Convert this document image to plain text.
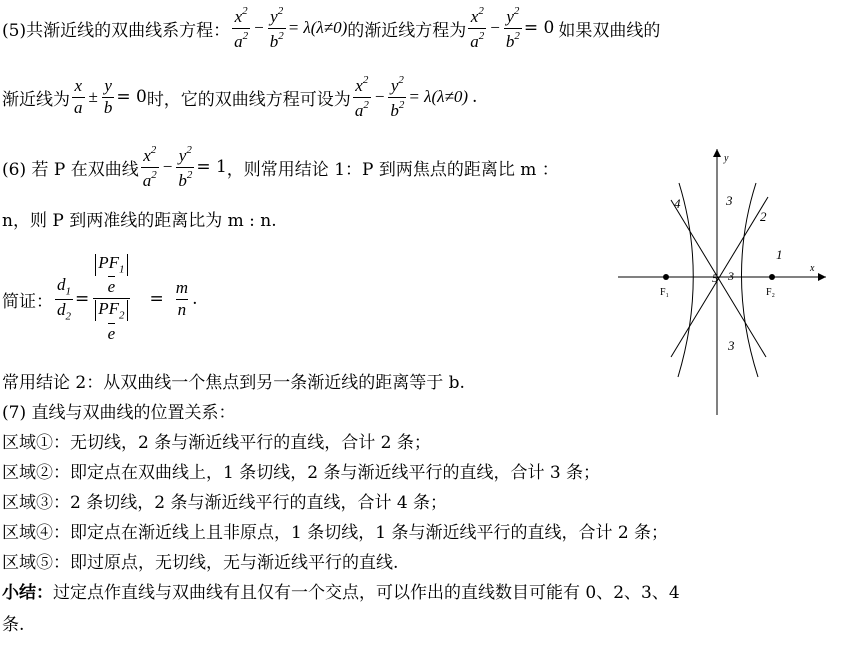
(5)共渐近线的双曲线系方程： $\frac{x^2}{a^2} - \frac{y^2}{b^2} = \lambda(\lambda\ne 0)$ 的渐近线方程为 $\frac{x^2}{a^2} - \frac{y^2}{b^2} = 0$ 如果双曲线的
渐近线为 $\frac{x}{a} \pm \frac{y}{b} = 0$ 时，它的双曲线方程可设为 $\frac{x^2}{a^2} - \frac{y^2}{b^2} = \lambda(\lambda\ne 0)$ .
(6) 若 P 在双曲线 $\frac{x^2}{a^2} - \frac{y^2}{b^2} = 1$ ，则常用结论 1：P 到两焦点的距离比 m ：
n，则 P 到两准线的距离比为 m : n.
简证： $\frac{d_1}{d_2} = PF_1$
e
$PF_2$
$e = \frac{m}{n}$ .
常用结论 2：从双曲线一个焦点到另一条渐近线的距离等于 b.
(7) 直线与双曲线的位置关系：
区域①：无切线，2 条与渐近线平行的直线，合计 2 条；
区域②：即定点在双曲线上，1 条切线，2 条与渐近线平行的直线，合计 3 条；
区域③：2 条切线，2 条与渐近线平行的直线，合计 4 条；
区域④：即定点在渐近线上且非原点，1 条切线，1 条与渐近线平行的直线，合计 2 条；
区域⑤：即过原点，无切线，无与渐近线平行的直线.
小结： 过定点作直线与双曲线有且仅有一个交点，可以作出的直线数目可能有 0、2、3、4
条.
x
y
F₁	F₂
4	3
2
1
5 3
3
